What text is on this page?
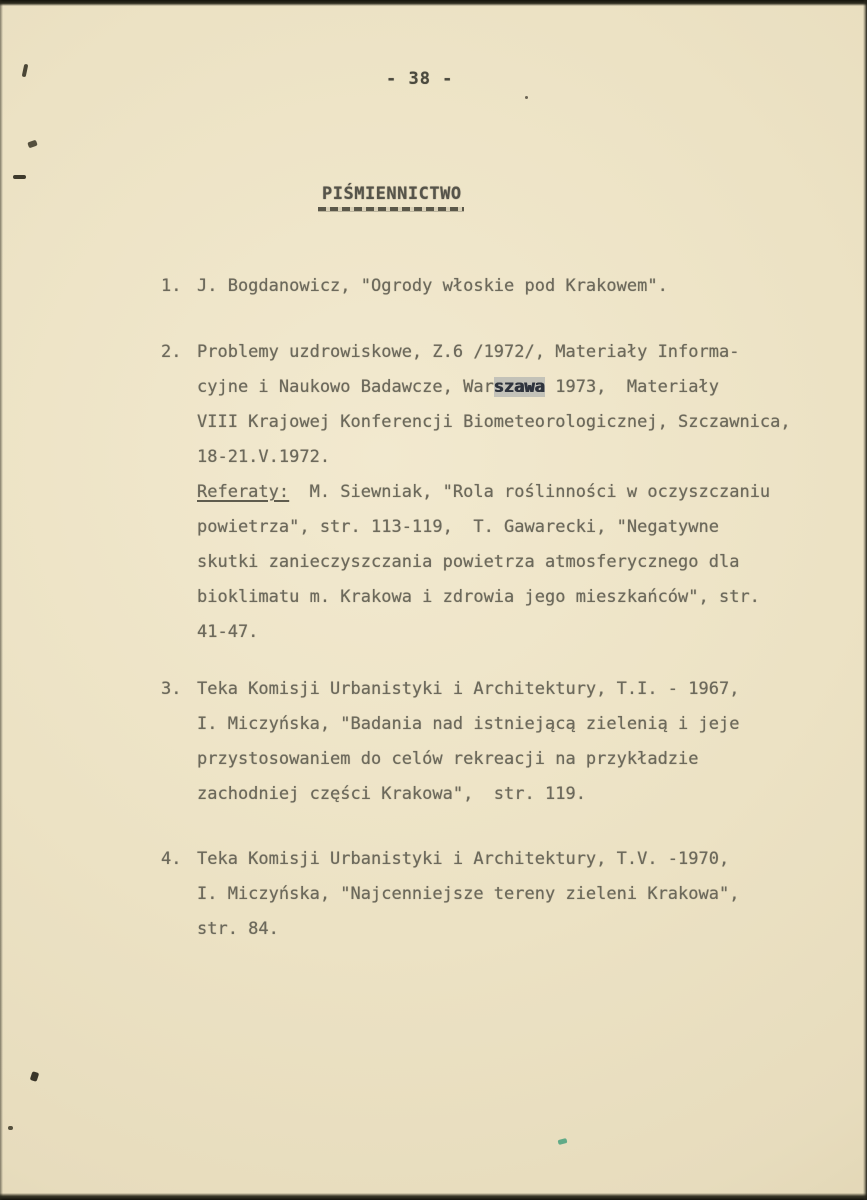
- 38 -
PIŚMIENNICTWO
1. J. Bogdanowicz, "Ogrody włoskie pod Krakowem".
2. Problemy uzdrowiskowe, Z.6 /1972/, Materiały Informa-
cyjne i Naukowo Badawcze, Warszawa 1973,  Materiały
VIII Krajowej Konferencji Biometeorologicznej, Szczawnica,
18-21.V.1972.
Referaty:  M. Siewniak, "Rola roślinności w oczyszczaniu
powietrza", str. 113-119,  T. Gawarecki, "Negatywne
skutki zanieczyszczania powietrza atmosferycznego dla
bioklimatu m. Krakowa i zdrowia jego mieszkańców", str.
41-47.
3. Teka Komisji Urbanistyki i Architektury, T.I. - 1967,
I. Miczyńska, "Badania nad istniejącą zielenią i jeje
przystosowaniem do celów rekreacji na przykładzie
zachodniej części Krakowa",  str. 119.
4. Teka Komisji Urbanistyki i Architektury, T.V. -1970,
I. Miczyńska, "Najcenniejsze tereny zieleni Krakowa",
str. 84.
